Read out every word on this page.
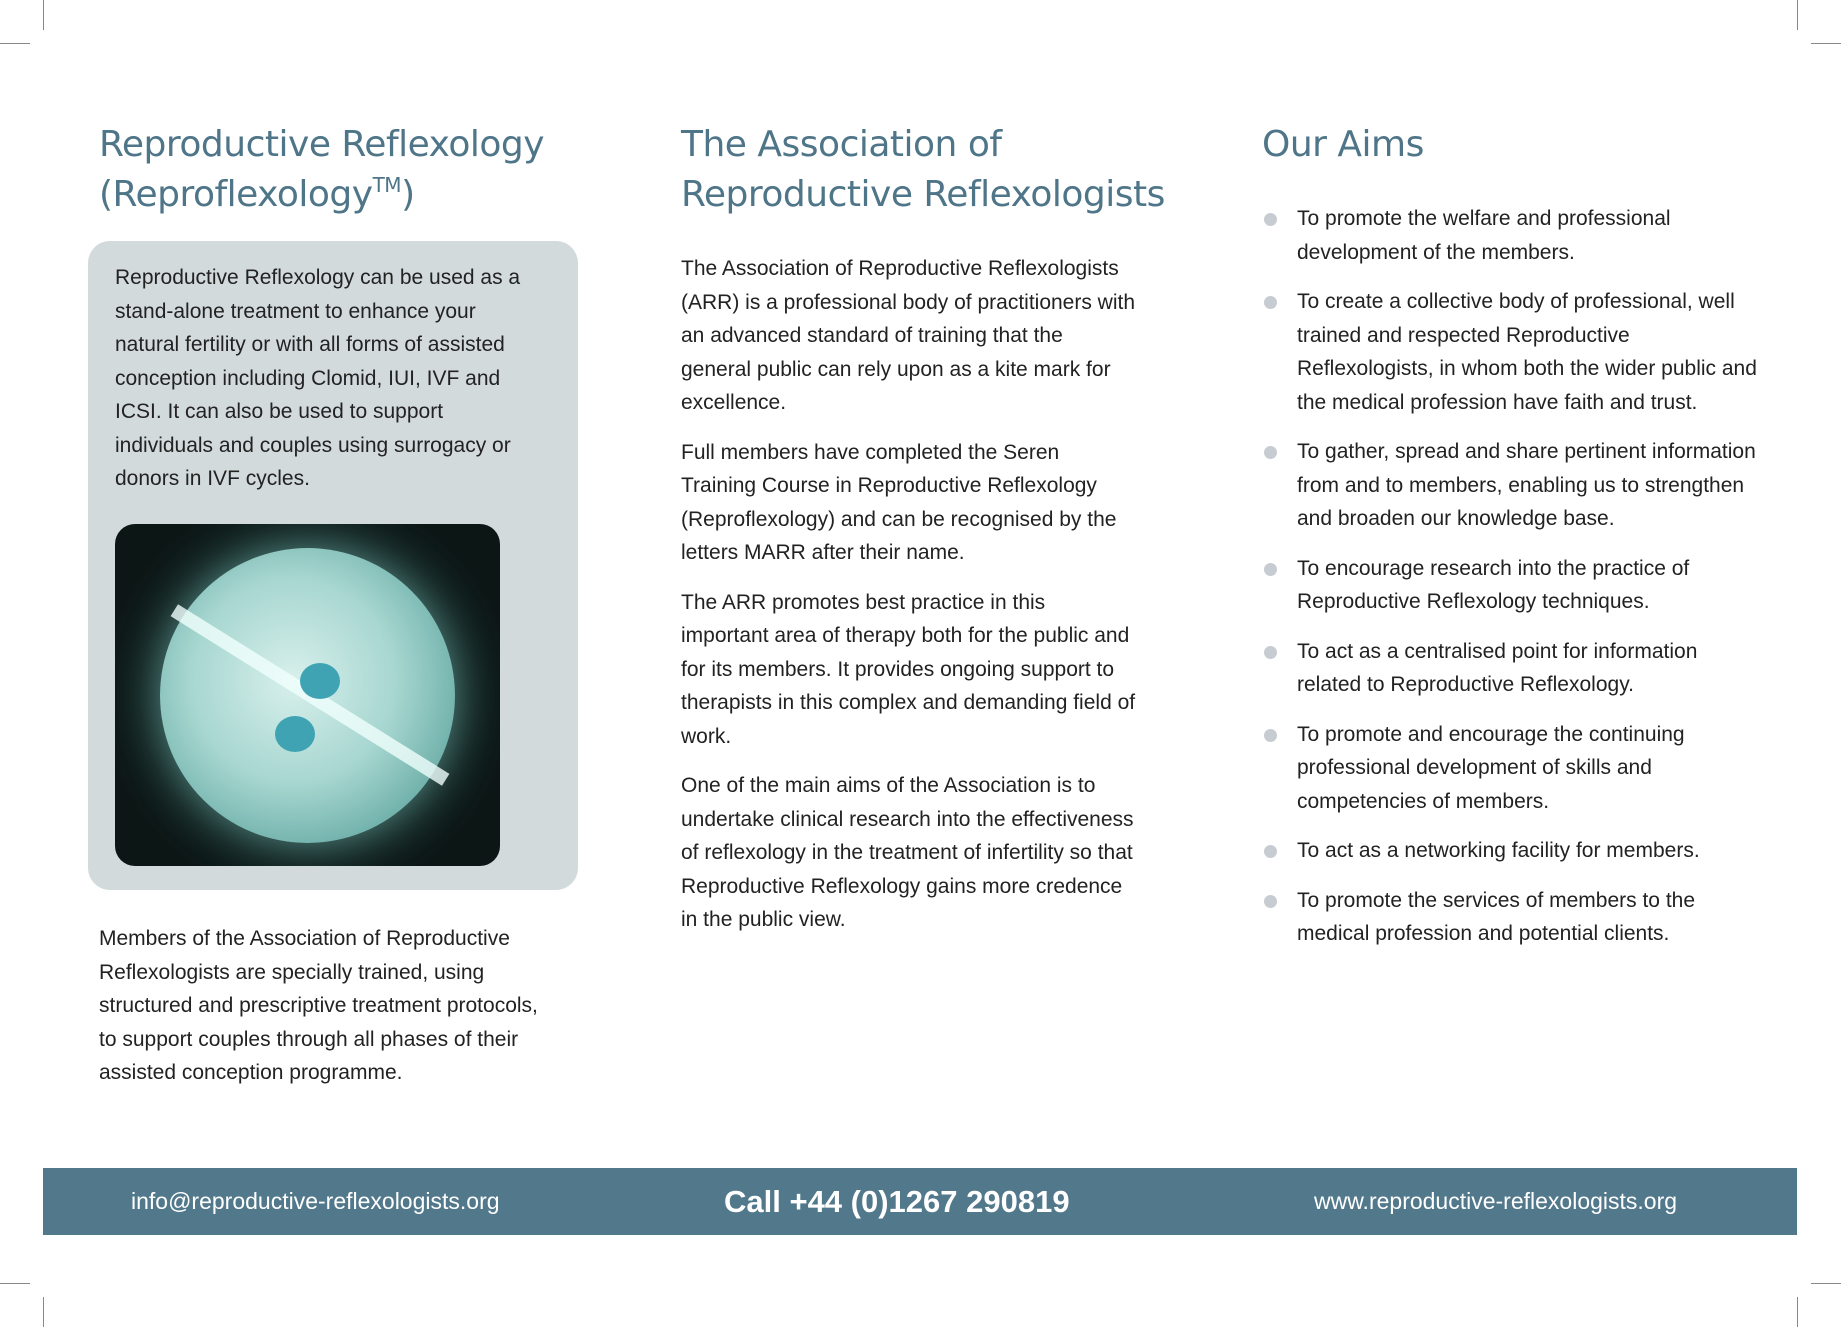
Reproductive Reflexology
(Reproflexology™)
Reproductive Reflexology can be used as a stand-alone treatment to enhance your natural fertility or with all forms of assisted conception including Clomid, IUI, IVF and ICSI. It can also be used to support individuals and couples using surrogacy or donors in IVF cycles.
Members of the Association of Reproductive Reflexologists are specially trained, using structured and prescriptive treatment protocols, to support couples through all phases of their assisted conception programme.
The Association of
Reproductive Reflexologists

The Association of Reproductive Reflexologists (ARR) is a professional body of practitioners with an advanced standard of training that the general public can rely upon as a kite mark for excellence.

Full members have completed the Seren Training Course in Reproductive Reflexology (Reproflexology) and can be recognised by the letters MARR after their name.

The ARR promotes best practice in this important area of therapy both for the public and for its members. It provides ongoing support to therapists in this complex and demanding field of work.

One of the main aims of the Association is to undertake clinical research into the effectiveness of reflexology in the treatment of infertility so that Reproductive Reflexology gains more credence in the public view.

Our Aims
To promote the welfare and professional development of the members.
To create a collective body of professional, well trained and respected Reproductive Reflexologists, in whom both the wider public and the medical profession have faith and trust.
To gather, spread and share pertinent information from and to members, enabling us to strengthen and broaden our knowledge base.
To encourage research into the practice of Reproductive Reflexology techniques.
To act as a centralised point for information related to Reproductive Reflexology.
To promote and encourage the continuing professional development of skills and competencies of members.
To act as a networking facility for members.
To promote the services of members to the medical profession and potential clients.
info@reproductive-reflexologists.org	Call +44 (0)1267 290819	www.reproductive-reflexologists.org
